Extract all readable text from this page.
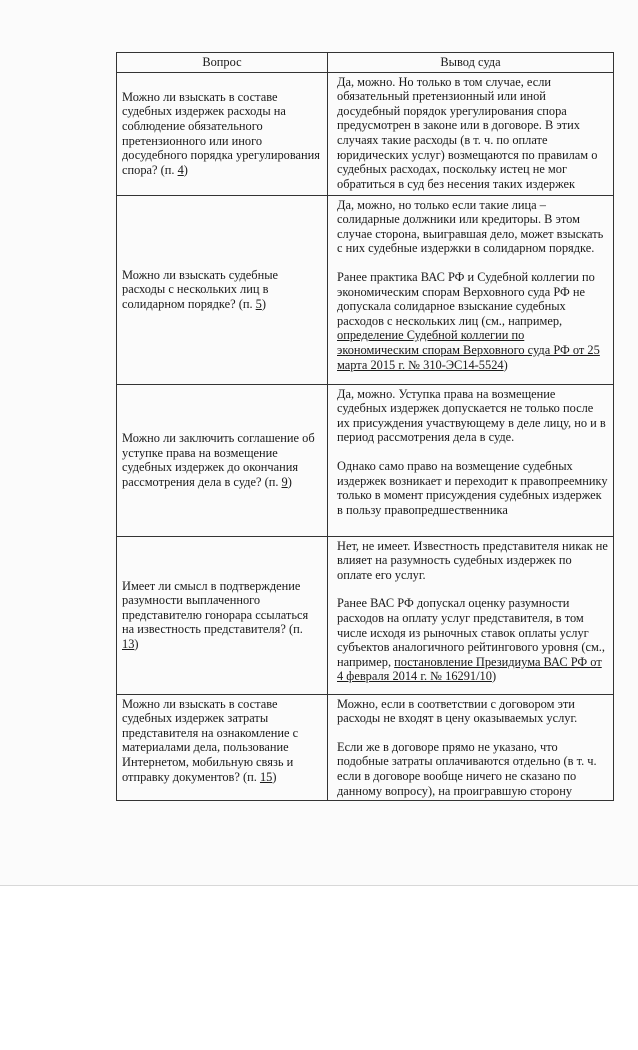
Вопрос	Вывод суда
Можно ли взыскать в составе судебных издержек расходы на соблюдение обязательного претензионного или иного досудебного порядка урегулирования спора? (п. 4)	Да, можно. Но только в том случае, если обязательный претензионный или иной досудебный порядок урегулирования спора предусмотрен в законе или в договоре. В этих случаях такие расходы (в т. ч. по оплате юридических услуг) возмещаются по правилам о судебных расходах, поскольку истец не мог обратиться в суд без несения таких издержек

Можно ли взыскать судебные расходы с нескольких лиц в солидарном порядке? (п. 5)	Да, можно, но только если такие лица – солидарные должники или кредиторы. В этом случае сторона, выигравшая дело, может взыскать с них судебные издержки в солидарном порядке.

Ранее практика ВАС РФ и Судебной коллегии по экономическим спорам Верховного суда РФ не допускала солидарное взыскание судебных расходов с нескольких лиц (см., например, определение Судебной коллегии по экономическим спорам Верховного суда РФ от 25 марта 2015 г. № 310-ЭС14-5524)

Можно ли заключить соглашение об уступке права на возмещение судебных издержек до окончания рассмотрения дела в суде? (п. 9)	Да, можно. Уступка права на возмещение судебных издержек допускается не только после их присуждения участвующему в деле лицу, но и в период рассмотрения дела в суде.

Однако само право на возмещение судебных издержек возникает и переходит к правопреемнику только в момент присуждения судебных издержек в пользу правопредшественника

Имеет ли смысл в подтверждение разумности выплаченного представителю гонорара ссылаться на известность представителя? (п. 13)	Нет, не имеет. Известность представителя никак не влияет на разумность судебных издержек по оплате его услуг.

Ранее ВАС РФ допускал оценку разумности расходов на оплату услуг представителя, в том числе исходя из рыночных ставок оплаты услуг субъектов аналогичного рейтингового уровня (см., например, постановление Президиума ВАС РФ от 4 февраля 2014 г. № 16291/10)

Можно ли взыскать в составе судебных издержек затраты представителя на ознакомление с материалами дела, пользование Интернетом, мобильную связь и отправку документов? (п. 15)	Можно, если в соответствии с договором эти расходы не входят в цену оказываемых услуг.

Если же в договоре прямо не указано, что подобные затраты оплачиваются отдельно (в т. ч. если в договоре вообще ничего не сказано по данному вопросу), на проигравшую сторону
